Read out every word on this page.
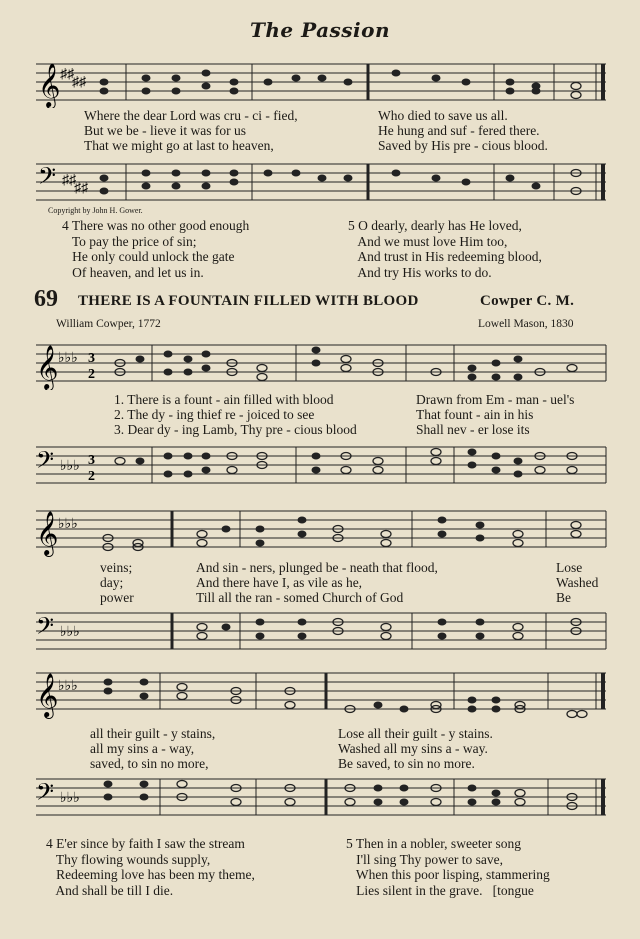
The Passion
𝄞 ♯♯
♯♯
Where the dear Lord was cru - ci - fied,	Who died to save us all.
But we be - lieve it was for us	He hung and suf - fered there.
That we might go at last to heaven,	Saved by His pre - cious blood.
𝄢 ♯♯
♯♯
Copyright by John H. Gower.
4 There was no other good enough
To pay the price of sin;
He only could unlock the gate
Of heaven, and let us in.
5 O dearly, dearly has He loved,
And we must love Him too,
And trust in His redeeming blood,
And try His works to do.
69 THERE IS A FOUNTAIN FILLED WITH BLOOD	Cowper C. M.
William Cowper, 1772	Lowell Mason, 1830
𝄞 ♭♭♭ 3
2
1. There is a fount - ain filled with blood	Drawn from Em - man - uel's
2. The dy - ing thief re - joiced to see	That fount - ain in his
3. Dear dy - ing Lamb, Thy pre - cious blood	Shall nev - er lose its
𝄢 ♭♭♭ 3
2
𝄞 ♭♭♭
veins;	And sin - ners, plunged be - neath that flood,	Lose
day;	And there have I, as vile as he,	Washed
power	Till all the ran - somed Church of God	Be
𝄢 ♭♭♭
𝄞 ♭♭♭
all their guilt - y stains,	Lose all their guilt - y stains.
all my sins a - way,	Washed all my sins a - way.
saved, to sin no more,	Be saved, to sin no more.
𝄢 ♭♭♭
4 E'er since by faith I saw the stream
Thy flowing wounds supply,
Redeeming love has been my theme,
And shall be till I die.
5 Then in a nobler, sweeter song
I'll sing Thy power to save,
When this poor lisping, stammering
Lies silent in the grave.   [tongue
